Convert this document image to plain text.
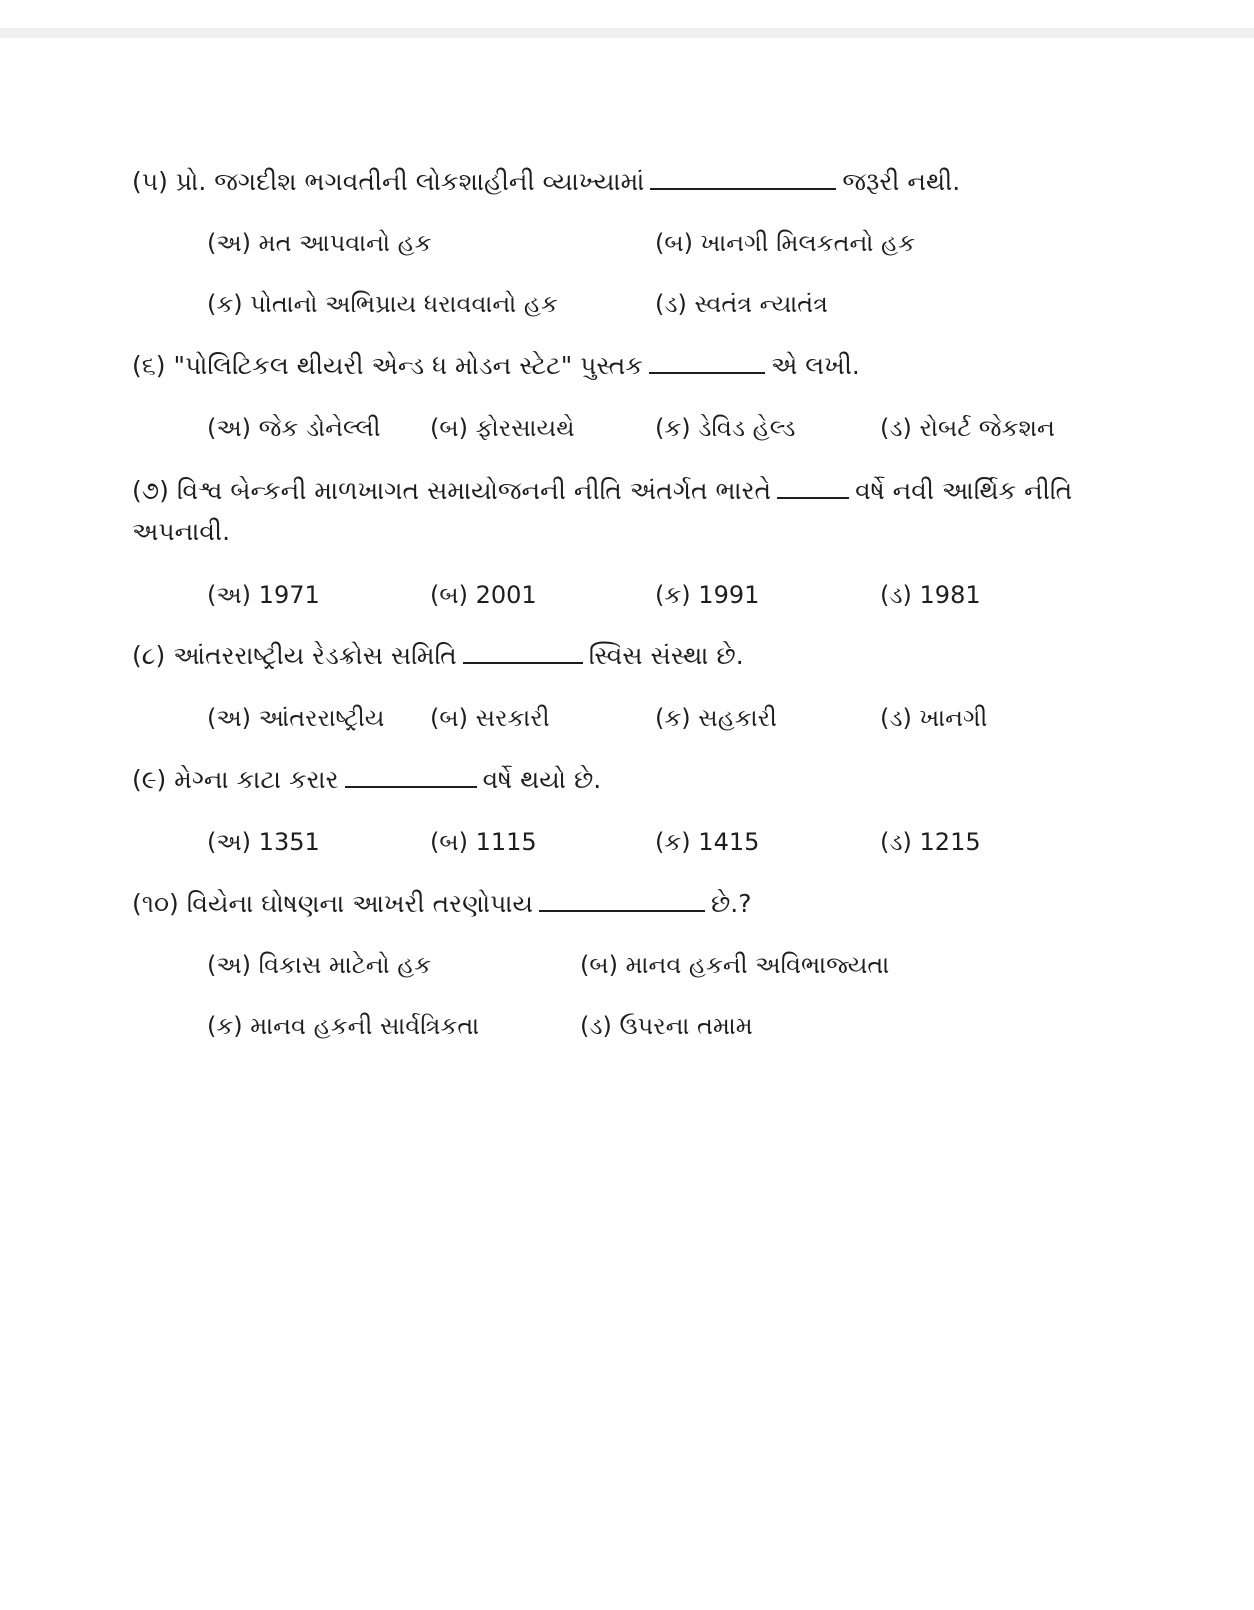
(૫) પ્રો. જગદીશ ભગવતીની લોકશાહીની વ્યાખ્યામાં	જરૂરી નથી.
(અ) મત આપવાનો હક	(બ) ખાનગી મિલકતનો હક
(ક) પોતાનો અભિપ્રાય ધરાવવાનો હક	(ડ) સ્વતંત્ર ન્યાતંત્ર
(૬) "પોલિટિકલ થીયરી એન્ડ ધ મોડન સ્ટેટ" પુસ્તક	એ લખી.
(અ) જેક ડોનેલ્લી (બ) ફોરસાયથે	(ક) ડેવિડ હેલ્ડ	(ડ) રોબર્ટ જેકશન
(૭) વિશ્વ બેન્કની માળખાગત સમાયોજનની નીતિ અંતર્ગત ભારતે	વર્ષે નવી આર્થિક નીતિ
અપનાવી.
(અ) 1971	(બ) 2001	(ક) 1991	(ડ) 1981
(૮) આંતરરાષ્ટ્રીય રેડક્રોસ સમિતિ	સ્વિસ સંસ્થા છે.
(અ) આંતરરાષ્ટ્રીય (બ) સરકારી	(ક) સહકારી	(ડ) ખાનગી
(૯) મેગ્ના કાટા કરાર	વર્ષે થયો છે.
(અ) 1351	(બ) 1115	(ક) 1415	(ડ) 1215
(૧૦) વિયેના ઘોષણના આખરી તરણોપાય	છે.?
(અ) વિકાસ માટેનો હક	(બ) માનવ હકની અવિભાજ્યતા
(ક) માનવ હકની સાર્વત્રિકતા	(ડ) ઉપરના તમામ
